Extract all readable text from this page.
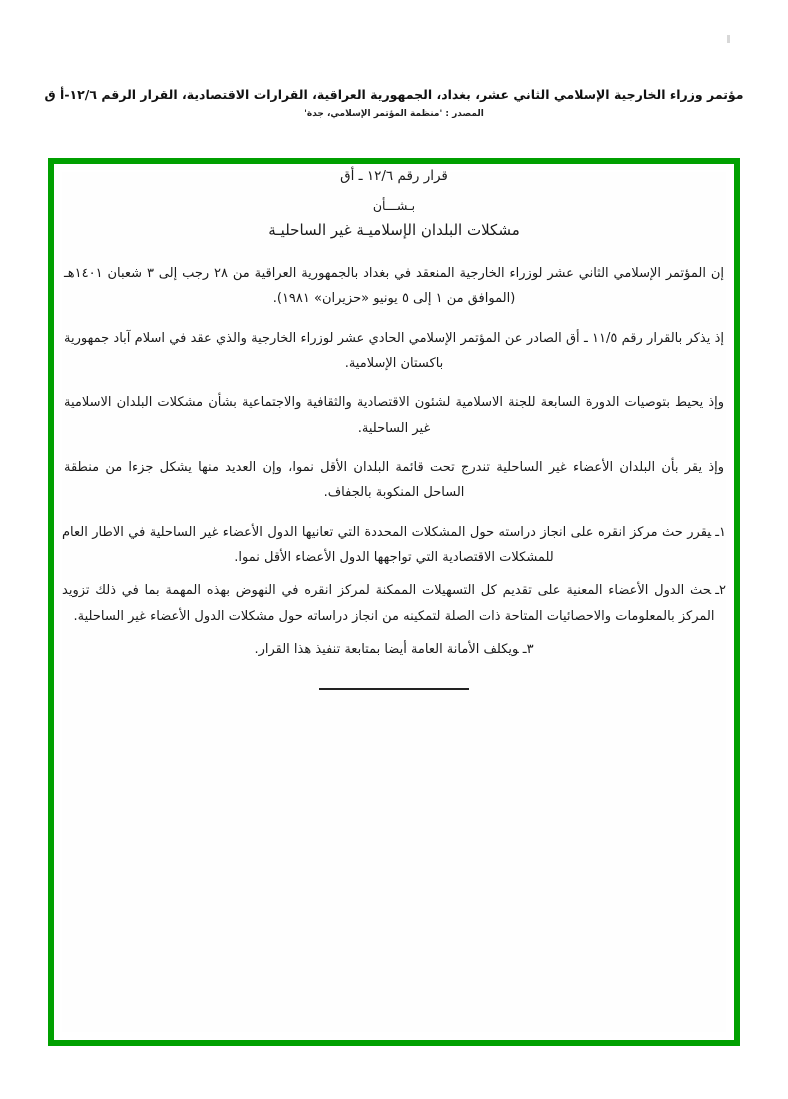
مؤتمر وزراء الخارجية الإسلامي الثاني عشر، بغداد، الجمهورية العراقية، القرارات الاقتصادية، القرار الرقم ١٢/٦-أ ق
المصدر : 'منظمة المؤتمر الإسلامي، جدة'
قرار رقم ١٢/٦ ـ أق
بـشـــأن
مشكلات البلدان الإسلاميـة غير الساحليـة

إن المؤتمر الإسلامي الثاني عشر لوزراء الخارجية المنعقد في بغداد بالجمهورية العراقية من ٢٨ رجب إلى ٣ شعبان ١٤٠١هـ (الموافق من ١ إلى ٥ يونيو «حزيران» ١٩٨١).

إذ يذكر بالقرار رقم ١١/٥ ـ أق الصادر عن المؤتمر الإسلامي الحادي عشر لوزراء الخارجية والذي عقد في اسلام آباد جمهورية باكستان الإسلامية.

وإذ يحيط بتوصيات الدورة السابعة للجنة الاسلامية لشئون الاقتصادية والثقافية والاجتماعية بشأن مشكلات البلدان الاسلامية غير الساحلية.

وإذ يقر بأن البلدان الأعضاء غير الساحلية تندرج تحت قائمة البلدان الأقل نموا، وإن العديد منها يشكل جزءا من منطقة الساحل المنكوبة بالجفاف.

١ـيقرر حث مركز انقره على انجاز دراسته حول المشكلات المحددة التي تعانيها الدول الأعضاء غير الساحلية في الاطار العام للمشكلات الاقتصادية التي تواجهها الدول الأعضاء الأقل نموا.
٢ـحث الدول الأعضاء المعنية على تقديم كل التسهيلات الممكنة لمركز انقره في النهوض بهذه المهمة بما في ذلك تزويد المركز بالمعلومات والاحصائيات المتاحة ذات الصلة لتمكينه من انجاز دراساته حول مشكلات الدول الأعضاء غير الساحلية.
٣ـويكلف الأمانة العامة أيضا بمتابعة تنفيذ هذا القرار.
